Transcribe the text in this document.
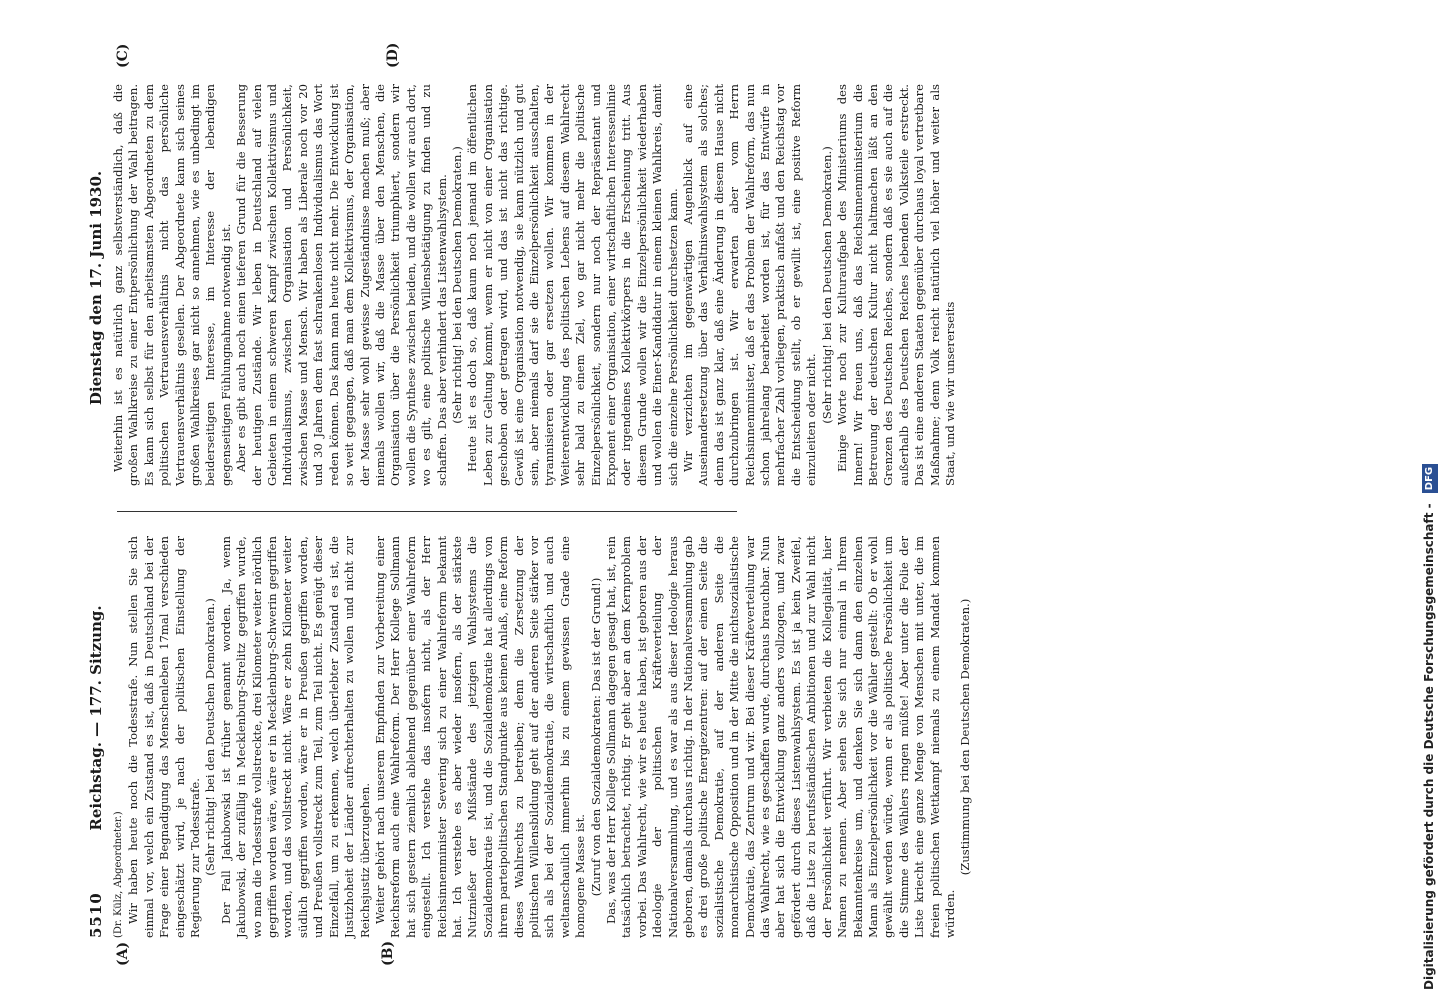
5510
Reichstag. — 177. Sitzung.
Dienstag den 17. Juni 1930.
(A)	(B)
(C)	(D)

(Dr. Külz, Abgeordneter.) Wir haben heute noch die Todesstrafe. Nun stellen Sie sich einmal vor, welch ein Zustand es ist, daß in Deutschland bei der Frage einer Begnadigung das Menschenleben 17mal verschieden eingeschätzt wird, je nach der politischen Einstellung der Regierung zur Todesstrafe. (Sehr richtig! bei den Deutschen Demokraten.) Der Fall Jakubowski ist früher genannt worden. Ja, wenn Jakubowski, der zufällig in Mecklenburg-Strelitz gegriffen wurde, wo man die Todesstrafe vollstreckte, drei Kilometer weiter nördlich gegriffen worden wäre, wäre er in Mecklenburg-Schwerin gegriffen worden, und das vollstreckt nicht. Wäre er zehn Kilometer weiter südlich gegriffen worden, wäre er in Preußen gegriffen worden, und Preußen vollstreckt zum Teil, zum Teil nicht. Es genügt dieser Einzelfall, um zu erkennen, welch überlebter Zustand es ist, die Justizhoheit der Länder aufrechterhalten zu wollen und nicht zur Reichsjustiz überzugehen. Weiter gehört nach unserem Empfinden zur Vorbereitung einer Reichsreform auch eine Wahlreform. Der Herr Kollege Sollmann hat sich gestern ziemlich ablehnend gegenüber einer Wahlreform eingestellt. Ich verstehe das insofern nicht, als der Herr Reichsinnenminister Severing sich zu einer Wahlreform bekannt hat. Ich verstehe es aber wieder insofern, als der stärkste Nutznießer der Mißstände des jetzigen Wahlsystems die Sozialdemokratie ist, und die Sozialdemokratie hat allerdings von ihrem parteipolitischen Standpunkte aus keinen Anlaß, eine Reform dieses Wahlrechts zu betreiben; denn die Zersetzung der politischen Willensbildung geht auf der anderen Seite stärker vor sich als bei der Sozialdemokratie, die wirtschaftlich und auch weltanschaulich immerhin bis zu einem gewissen Grade eine homogene Masse ist. (Zuruf von den Sozialdemokraten: Das ist der Grund!) Das, was der Herr Kollege Sollmann dagegen gesagt hat, ist, rein tatsächlich betrachtet, richtig. Er geht aber an dem Kernproblem vorbei. Das Wahlrecht, wie wir es heute haben, ist geboren aus der Ideologie der politischen Kräfteverteilung der Nationalversammlung, und es war als aus dieser Ideologie heraus geboren, damals durchaus richtig. In der Nationalversammlung gab es drei große politische Energiezentren: auf der einen Seite die sozialistische Demokratie, auf der anderen Seite die monarchistische Opposition und in der Mitte die nichtsozialistische Demokratie, das Zentrum und wir. Bei dieser Kräfteverteilung war das Wahlrecht, wie es geschaffen wurde, durchaus brauchbar. Nun aber hat sich die Entwicklung ganz anders vollzogen, und zwar gefördert durch dieses Listenwahlsystem. Es ist ja kein Zweifel, daß die Liste zu berufsständischen Ambitionen und zur Wahl nicht der Persönlichkeit verführt. Wir verbieten die Kollegialität, hier Namen zu nennen. Aber sehen Sie sich nur einmal in Ihrem Bekanntenkreise um, und denken Sie sich dann den einzelnen Mann als Einzelpersönlichkeit vor die Wähler gestellt: Ob er wohl gewählt werden würde, wenn er als politische Persönlichkeit um die Stimme des Wählers ringen müßte! Aber unter die Folie der Liste kriecht eine ganze Menge von Menschen mit unter, die im freien politischen Wettkampf niemals zu einem Mandat kommen würden.

(Zustimmung bei den Deutschen Demokraten.)

Weiterhin ist es natürlich ganz selbstverständlich, daß die großen Wahlkreise zu einer Entpersönlichung der Wahl beitragen. Es kann sich selbst für den arbeitsamsten Abgeordneten zu dem politischen Vertrauensverhältnis nicht das persönliche Vertrauensverhältnis gesellen. Der Abgeordnete kann sich seines großen Wahlkreises gar nicht so annehmen, wie es unbedingt im beiderseitigen Interesse, im Interesse der lebendigen gegenseitigen Fühlungnahme notwendig ist. Aber es gibt auch noch einen tieferen Grund für die Besserung der heutigen Zustände. Wir leben in Deutschland auf vielen Gebieten in einem schweren Kampf zwischen Kollektivismus und Individualismus, zwischen Organisation und Persönlichkeit, zwischen Masse und Mensch. Wir haben als Liberale noch vor 20 und 30 Jahren dem fast schrankenlosen Individualismus das Wort reden können. Das kann man heute nicht mehr. Die Entwicklung ist so weit gegangen, daß man dem Kollektivismus, der Organisation, der Masse sehr wohl gewisse Zugeständnisse machen muß; aber niemals wollen wir, daß die Masse über den Menschen, die Organisation über die Persönlichkeit triumphiert, sondern wir wollen die Synthese zwischen beiden, und die wollen wir auch dort, wo es gilt, eine politische Willensbetätigung zu finden und zu schaffen. Das aber verhindert das Listenwahlsystem. (Sehr richtig! bei den Deutschen Demokraten.) Heute ist es doch so, daß kaum noch jemand im öffentlichen Leben zur Geltung kommt, wenn er nicht von einer Organisation geschoben oder getragen wird, und das ist nicht das richtige. Gewiß ist eine Organisation notwendig, sie kann nützlich und gut sein, aber niemals darf sie die Einzelpersönlichkeit ausschalten, tyrannisieren oder gar ersetzen wollen. Wir kommen in der Weiterentwicklung des politischen Lebens auf diesem Wahlrecht sehr bald zu einem Ziel, wo gar nicht mehr die politische Einzelpersönlichkeit, sondern nur noch der Repräsentant und Exponent einer Organisation, einer wirtschaftlichen Interessenlinie oder irgendeines Kollektivkörpers in die Erscheinung tritt. Aus diesem Grunde wollen wir die Einzelpersönlichkeit wiederhaben und wollen die Einer-Kandidatur in einem kleinen Wahlkreis, damit sich die einzelne Persönlichkeit durchsetzen kann. Wir verzichten im gegenwärtigen Augenblick auf eine Auseinandersetzung über das Verhältniswahlsystem als solches; denn das ist ganz klar, daß eine Änderung in diesem Hause nicht durchzubringen ist. Wir erwarten aber vom Herrn Reichsinnenminister, daß er das Problem der Wahlreform, das nun schon jahrelang bearbeitet worden ist, für das Entwürfe in mehrfacher Zahl vorliegen, praktisch anfaßt und den Reichstag vor die Entscheidung stellt, ob er gewillt ist, eine positive Reform einzuleiten oder nicht. (Sehr richtig! bei den Deutschen Demokraten.) Einige Worte noch zur Kulturaufgabe des Ministeriums des Innern! Wir freuen uns, daß das Reichsinnenministerium die Betreuung der deutschen Kultur nicht haltmachen läßt an den Grenzen des Deutschen Reiches, sondern daß es sie auch auf die außerhalb des Deutschen Reiches lebenden Volksteile erstreckt. Das ist eine anderen Staaten gegenüber durchaus loyal vertretbare Maßnahme; denn Volk reicht natürlich viel höher und weiter als Staat, und wie wir unsererseits

Digitalisierung gefördert durch die Deutsche Forschungsgemeinschaft - DFG
